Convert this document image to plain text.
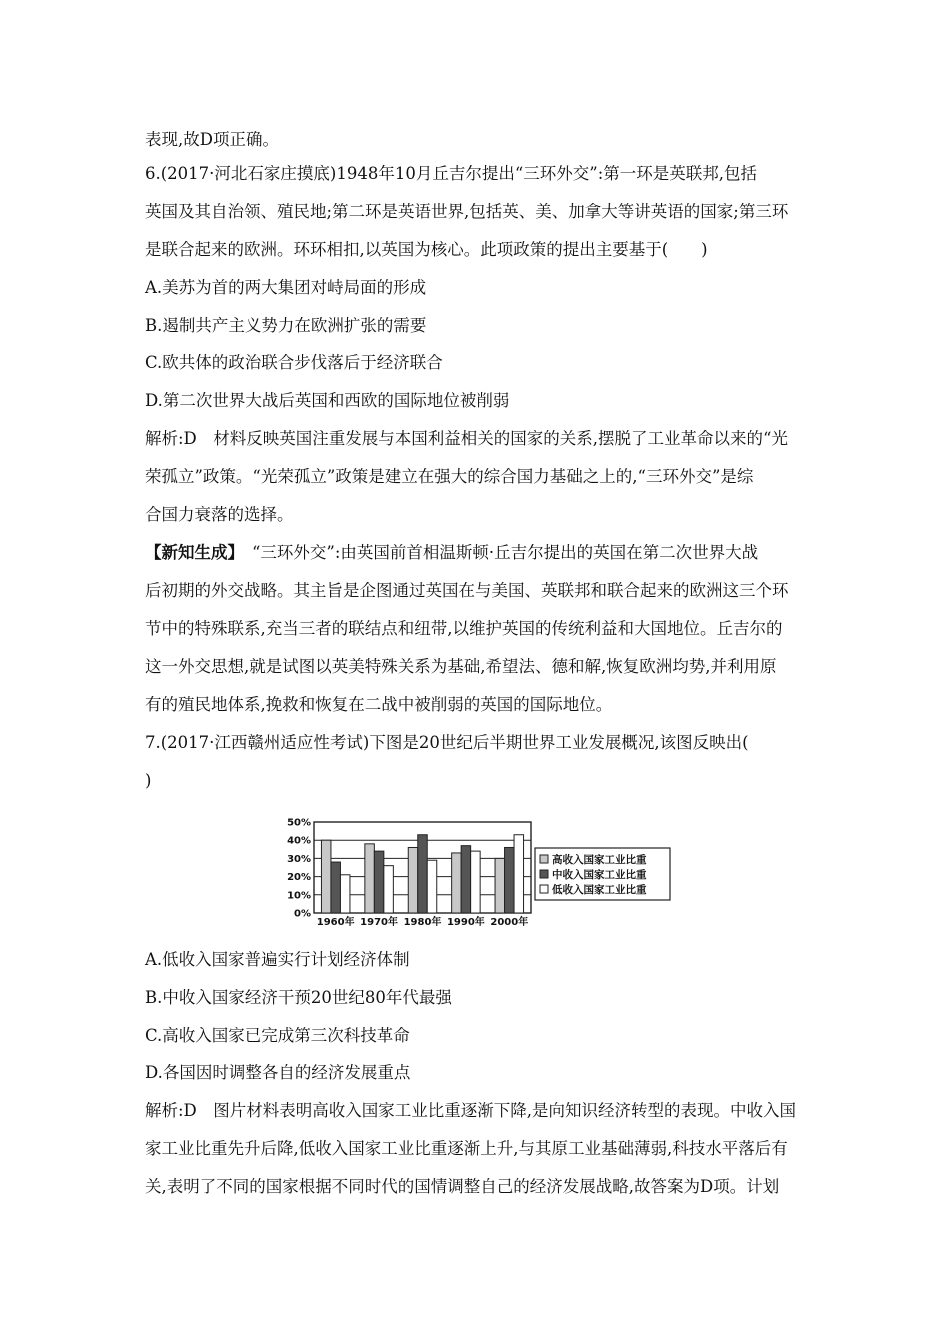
表现,故D项正确。
6.(2017·河北石家庄摸底)1948年10月丘吉尔提出“三环外交”:第一环是英联邦,包括
英国及其自治领、殖民地;第二环是英语世界,包括英、美、加拿大等讲英语的国家;第三环
是联合起来的欧洲。环环相扣,以英国为核心。此项政策的提出主要基于(　　)
A.美苏为首的两大集团对峙局面的形成
B.遏制共产主义势力在欧洲扩张的需要
C.欧共体的政治联合步伐落后于经济联合
D.第二次世界大战后英国和西欧的国际地位被削弱
解析:D　材料反映英国注重发展与本国利益相关的国家的关系,摆脱了工业革命以来的“光
荣孤立”政策。“光荣孤立”政策是建立在强大的综合国力基础之上的,“三环外交”是综
合国力衰落的选择。
【新知生成】 “三环外交”:由英国前首相温斯顿·丘吉尔提出的英国在第二次世界大战
后初期的外交战略。其主旨是企图通过英国在与美国、英联邦和联合起来的欧洲这三个环
节中的特殊联系,充当三者的联结点和纽带,以维护英国的传统利益和大国地位。丘吉尔的
这一外交思想,就是试图以英美特殊关系为基础,希望法、德和解,恢复欧洲均势,并利用原
有的殖民地体系,挽救和恢复在二战中被削弱的英国的国际地位。
7.(2017·江西赣州适应性考试)下图是20世纪后半期世界工业发展概况,该图反映出(
)
0%
10%
20%
30%
40%
50%
1960年 1970年 1980年 1990年 2000年
高收入国家工业比重
中收入国家工业比重
低收入国家工业比重
A.低收入国家普遍实行计划经济体制
B.中收入国家经济干预20世纪80年代最强
C.高收入国家已完成第三次科技革命
D.各国因时调整各自的经济发展重点
解析:D　图片材料表明高收入国家工业比重逐渐下降,是向知识经济转型的表现。中收入国
家工业比重先升后降,低收入国家工业比重逐渐上升,与其原工业基础薄弱,科技水平落后有
关,表明了不同的国家根据不同时代的国情调整自己的经济发展战略,故答案为D项。计划
